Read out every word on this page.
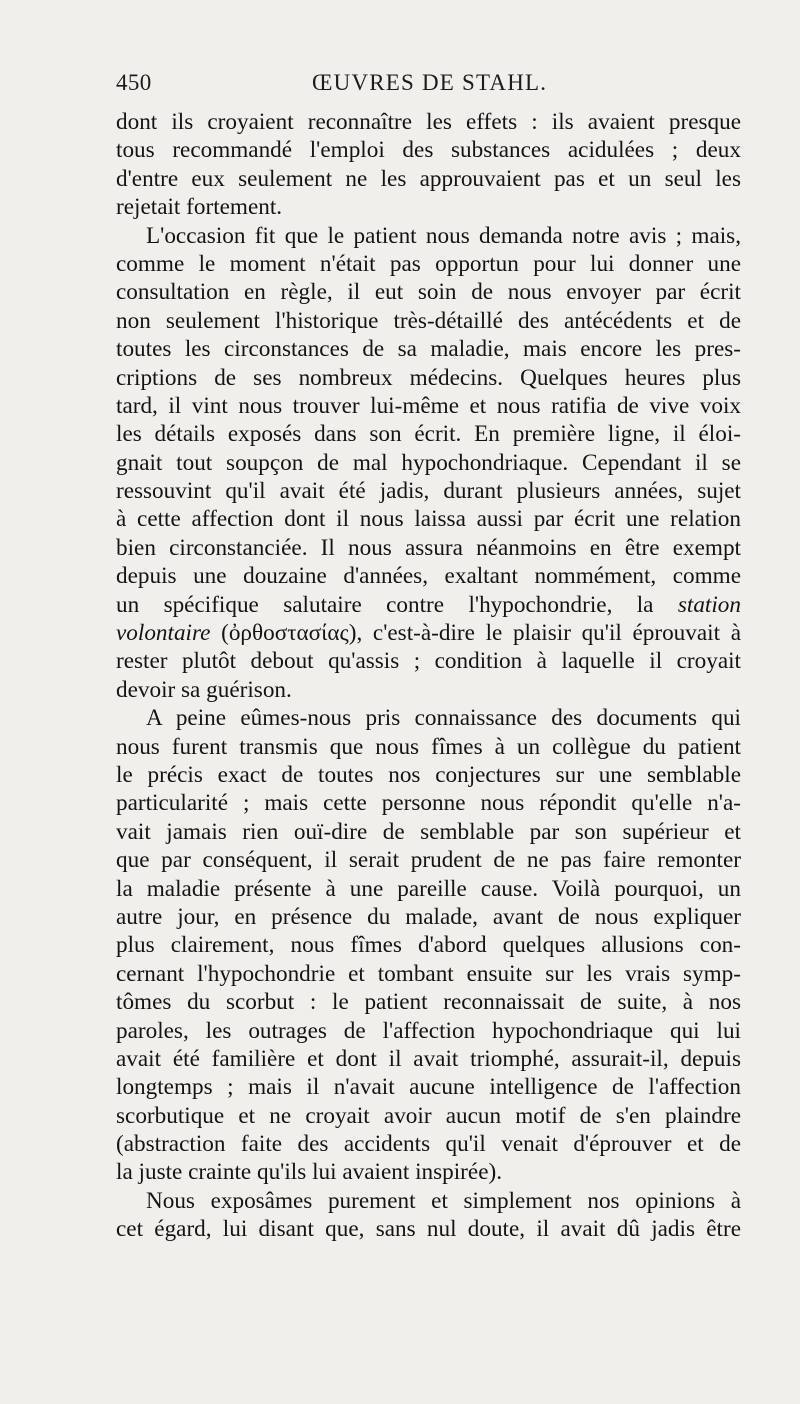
450	ŒUVRES DE STAHL.
dont ils croyaient reconnaître les effets : ils avaient presque
tous recommandé l'emploi des substances acidulées ; deux
d'entre eux seulement ne les approuvaient pas et un seul les
rejetait fortement.
L'occasion fit que le patient nous demanda notre avis ; mais,
comme le moment n'était pas opportun pour lui donner une
consultation en règle, il eut soin de nous envoyer par écrit
non seulement l'historique très-détaillé des antécédents et de
toutes les circonstances de sa maladie, mais encore les pres-
criptions de ses nombreux médecins. Quelques heures plus
tard, il vint nous trouver lui-même et nous ratifia de vive voix
les détails exposés dans son écrit. En première ligne, il éloi-
gnait tout soupçon de mal hypochondriaque. Cependant il se
ressouvint qu'il avait été jadis, durant plusieurs années, sujet
à cette affection dont il nous laissa aussi par écrit une relation
bien circonstanciée. Il nous assura néanmoins en être exempt
depuis une douzaine d'années, exaltant nommément, comme
un spécifique salutaire contre l'hypochondrie, la station
volontaire (ὀρθοστασίας), c'est-à-dire le plaisir qu'il éprouvait à
rester plutôt debout qu'assis ; condition à laquelle il croyait
devoir sa guérison.
A peine eûmes-nous pris connaissance des documents qui
nous furent transmis que nous fîmes à un collègue du patient
le précis exact de toutes nos conjectures sur une semblable
particularité ; mais cette personne nous répondit qu'elle n'a-
vait jamais rien ouï-dire de semblable par son supérieur et
que par conséquent, il serait prudent de ne pas faire remonter
la maladie présente à une pareille cause. Voilà pourquoi, un
autre jour, en présence du malade, avant de nous expliquer
plus clairement, nous fîmes d'abord quelques allusions con-
cernant l'hypochondrie et tombant ensuite sur les vrais symp-
tômes du scorbut : le patient reconnaissait de suite, à nos
paroles, les outrages de l'affection hypochondriaque qui lui
avait été familière et dont il avait triomphé, assurait-il, depuis
longtemps ; mais il n'avait aucune intelligence de l'affection
scorbutique et ne croyait avoir aucun motif de s'en plaindre
(abstraction faite des accidents qu'il venait d'éprouver et de
la juste crainte qu'ils lui avaient inspirée).
Nous exposâmes purement et simplement nos opinions à
cet égard, lui disant que, sans nul doute, il avait dû jadis être
